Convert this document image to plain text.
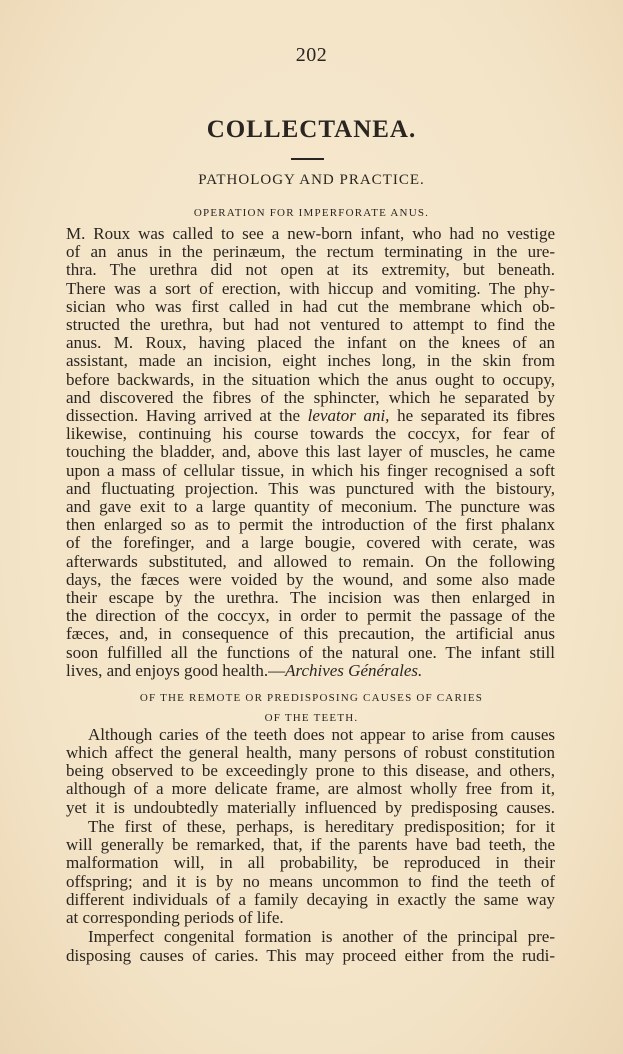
202
COLLECTANEA.
PATHOLOGY AND PRACTICE.
OPERATION FOR IMPERFORATE ANUS.
M. Roux was called to see a new-born infant, who had no vestige
of an anus in the perinæum, the rectum terminating in the ure-
thra. The urethra did not open at its extremity, but beneath.
There was a sort of erection, with hiccup and vomiting. The phy-
sician who was first called in had cut the membrane which ob-
structed the urethra, but had not ventured to attempt to find the
anus. M. Roux, having placed the infant on the knees of an
assistant, made an incision, eight inches long, in the skin from
before backwards, in the situation which the anus ought to occupy,
and discovered the fibres of the sphincter, which he separated by
dissection. Having arrived at the levator ani, he separated its fibres
likewise, continuing his course towards the coccyx, for fear of
touching the bladder, and, above this last layer of muscles, he came
upon a mass of cellular tissue, in which his finger recognised a soft
and fluctuating projection. This was punctured with the bistoury,
and gave exit to a large quantity of meconium. The puncture was
then enlarged so as to permit the introduction of the first phalanx
of the forefinger, and a large bougie, covered with cerate, was
afterwards substituted, and allowed to remain. On the following
days, the fæces were voided by the wound, and some also made
their escape by the urethra. The incision was then enlarged in
the direction of the coccyx, in order to permit the passage of the
fæces, and, in consequence of this precaution, the artificial anus
soon fulfilled all the functions of the natural one. The infant still
lives, and enjoys good health.—Archives Générales.
OF THE REMOTE OR PREDISPOSING CAUSES OF CARIES
OF THE TEETH.
Although caries of the teeth does not appear to arise from causes
which affect the general health, many persons of robust constitution
being observed to be exceedingly prone to this disease, and others,
although of a more delicate frame, are almost wholly free from it,
yet it is undoubtedly materially influenced by predisposing causes.
The first of these, perhaps, is hereditary predisposition; for it
will generally be remarked, that, if the parents have bad teeth, the
malformation will, in all probability, be reproduced in their
offspring; and it is by no means uncommon to find the teeth of
different individuals of a family decaying in exactly the same way
at corresponding periods of life.
Imperfect congenital formation is another of the principal pre-
disposing causes of caries. This may proceed either from the rudi-
